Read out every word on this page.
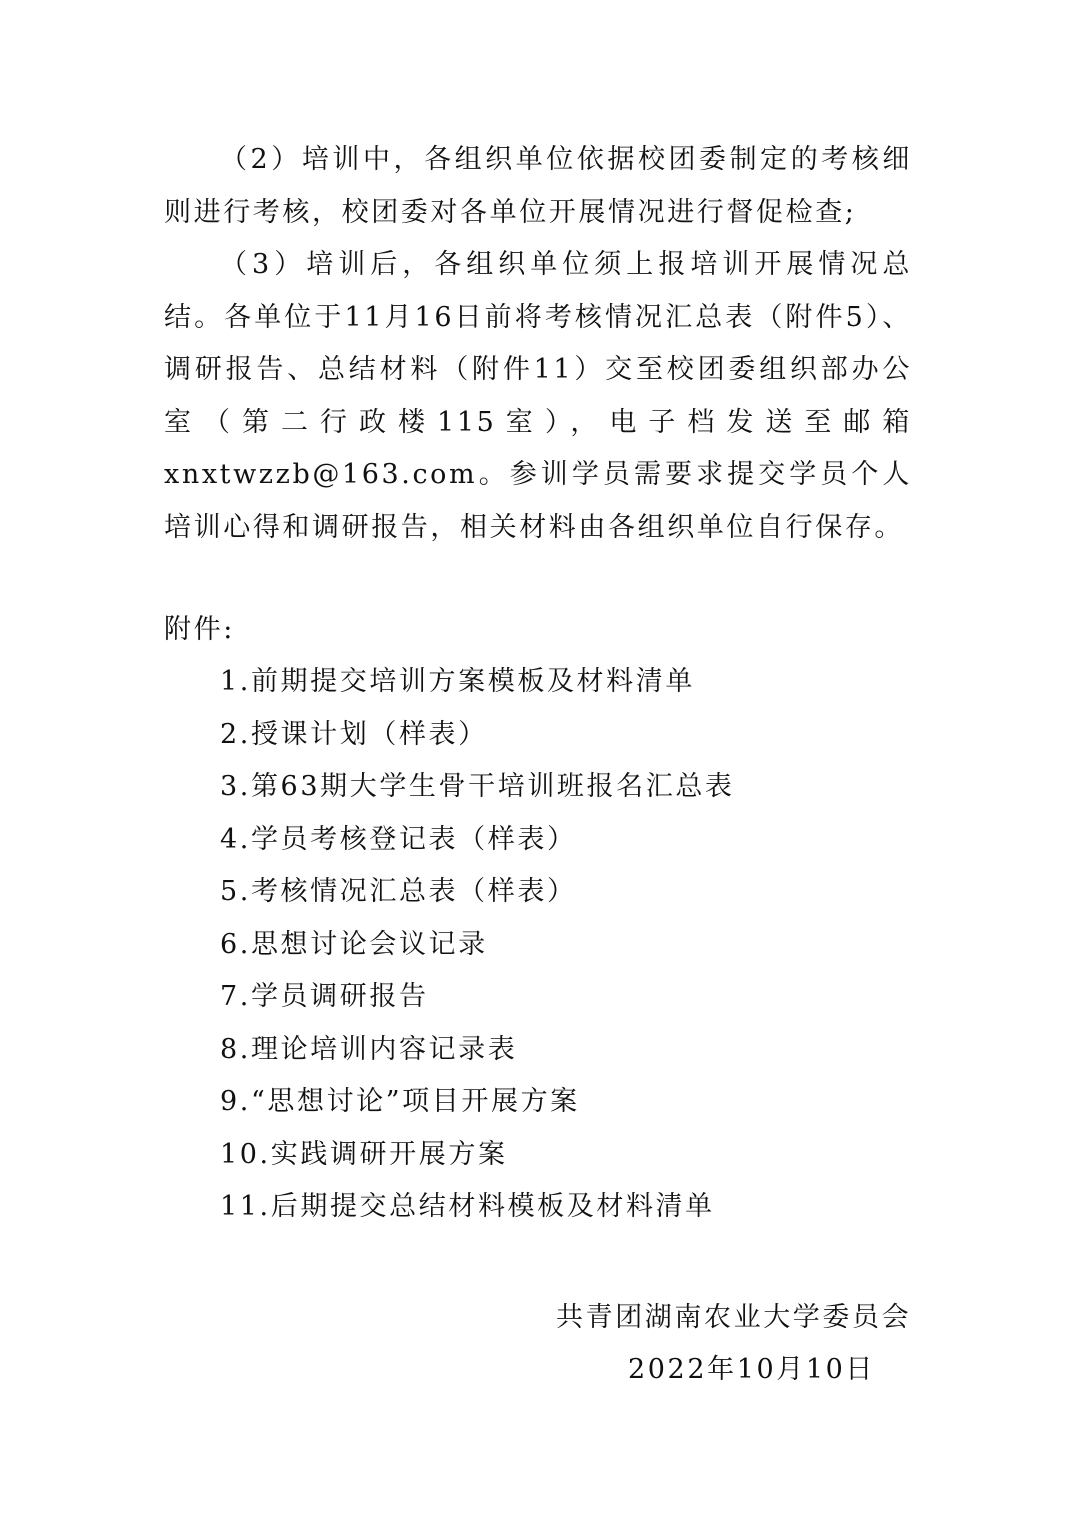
（2）培训中，各组织单位依据校团委制定的考核细则进行考核，校团委对各单位开展情况进行督促检查;

（3）培训后，各组织单位须上报培训开展情况总结。各单位于11月16日前将考核情况汇总表（附件5）、调研报告、总结材料（附件11）交至校团委组织部办公室（第二行政楼115室），电子档发送至邮箱xnxtwzzb@163.com。参训学员需要求提交学员个人培训心得和调研报告，相关材料由各组织单位自行保存。

附件:

1.前期提交培训方案模板及材料清单
2.授课计划（样表）
3.第63期大学生骨干培训班报名汇总表
4.学员考核登记表（样表）
5.考核情况汇总表（样表）
6.思想讨论会议记录
7.学员调研报告
8.理论培训内容记录表
9.“思想讨论”项目开展方案
10.实践调研开展方案
11.后期提交总结材料模板及材料清单

共青团湖南农业大学委员会

2022年10月10日
